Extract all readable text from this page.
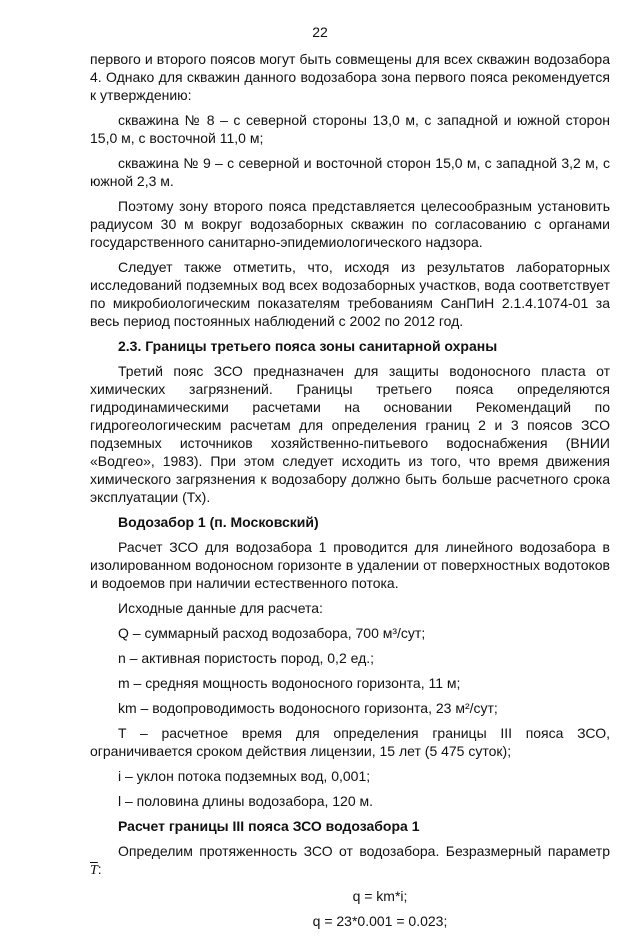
22

первого и второго поясов могут быть совмещены для всех скважин водозабора 4. Однако для скважин данного водозабора зона первого пояса рекомендуется к утверждению:

скважина № 8 – с северной стороны 13,0 м, с западной и южной сторон 15,0 м, с восточной 11,0 м;

скважина № 9 – с северной и восточной сторон 15,0 м, с западной 3,2 м, с южной 2,3 м.

Поэтому зону второго пояса представляется целесообразным установить радиусом 30 м вокруг водозаборных скважин по согласованию с органами государственного санитарно-эпидемиологического надзора.

Следует также отметить, что, исходя из результатов лабораторных исследований подземных вод всех водозаборных участков, вода соответствует по микробиологическим показателям требованиям СанПиН 2.1.4.1074-01 за весь период постоянных наблюдений с 2002 по 2012 год.

2.3. Границы третьего пояса зоны санитарной охраны

Третий пояс ЗСО предназначен для защиты водоносного пласта от химических загрязнений. Границы третьего пояса определяются гидродинамическими расчетами на основании Рекомендаций по гидрогеологическим расчетам для определения границ 2 и 3 поясов ЗСО подземных источников хозяйственно-питьевого водоснабжения (ВНИИ «Водгео», 1983). При этом следует исходить из того, что время движения химического загрязнения к водозабору должно быть больше расчетного срока эксплуатации (Тх).

Водозабор 1 (п. Московский)

Расчет ЗСО для водозабора 1 проводится для линейного водозабора в изолированном водоносном горизонте в удалении от поверхностных водотоков и водоемов при наличии естественного потока.

Исходные данные для расчета:

Q – суммарный расход водозабора, 700 м³/сут;

n – активная пористость пород, 0,2 ед.;

m – средняя мощность водоносного горизонта, 11 м;

km – водопроводимость водоносного горизонта, 23 м²/сут;

T – расчетное время для определения границы III пояса ЗСО, ограничивается сроком действия лицензии, 15 лет (5 475 суток);

i – уклон потока подземных вод, 0,001;

l – половина длины водозабора, 120 м.

Расчет границы III пояса ЗСО водозабора 1

Определим протяженность ЗСО от водозабора. Безразмерный параметр $\overline{T}$:

q = km*i;

q = 23*0.001 = 0.023;
